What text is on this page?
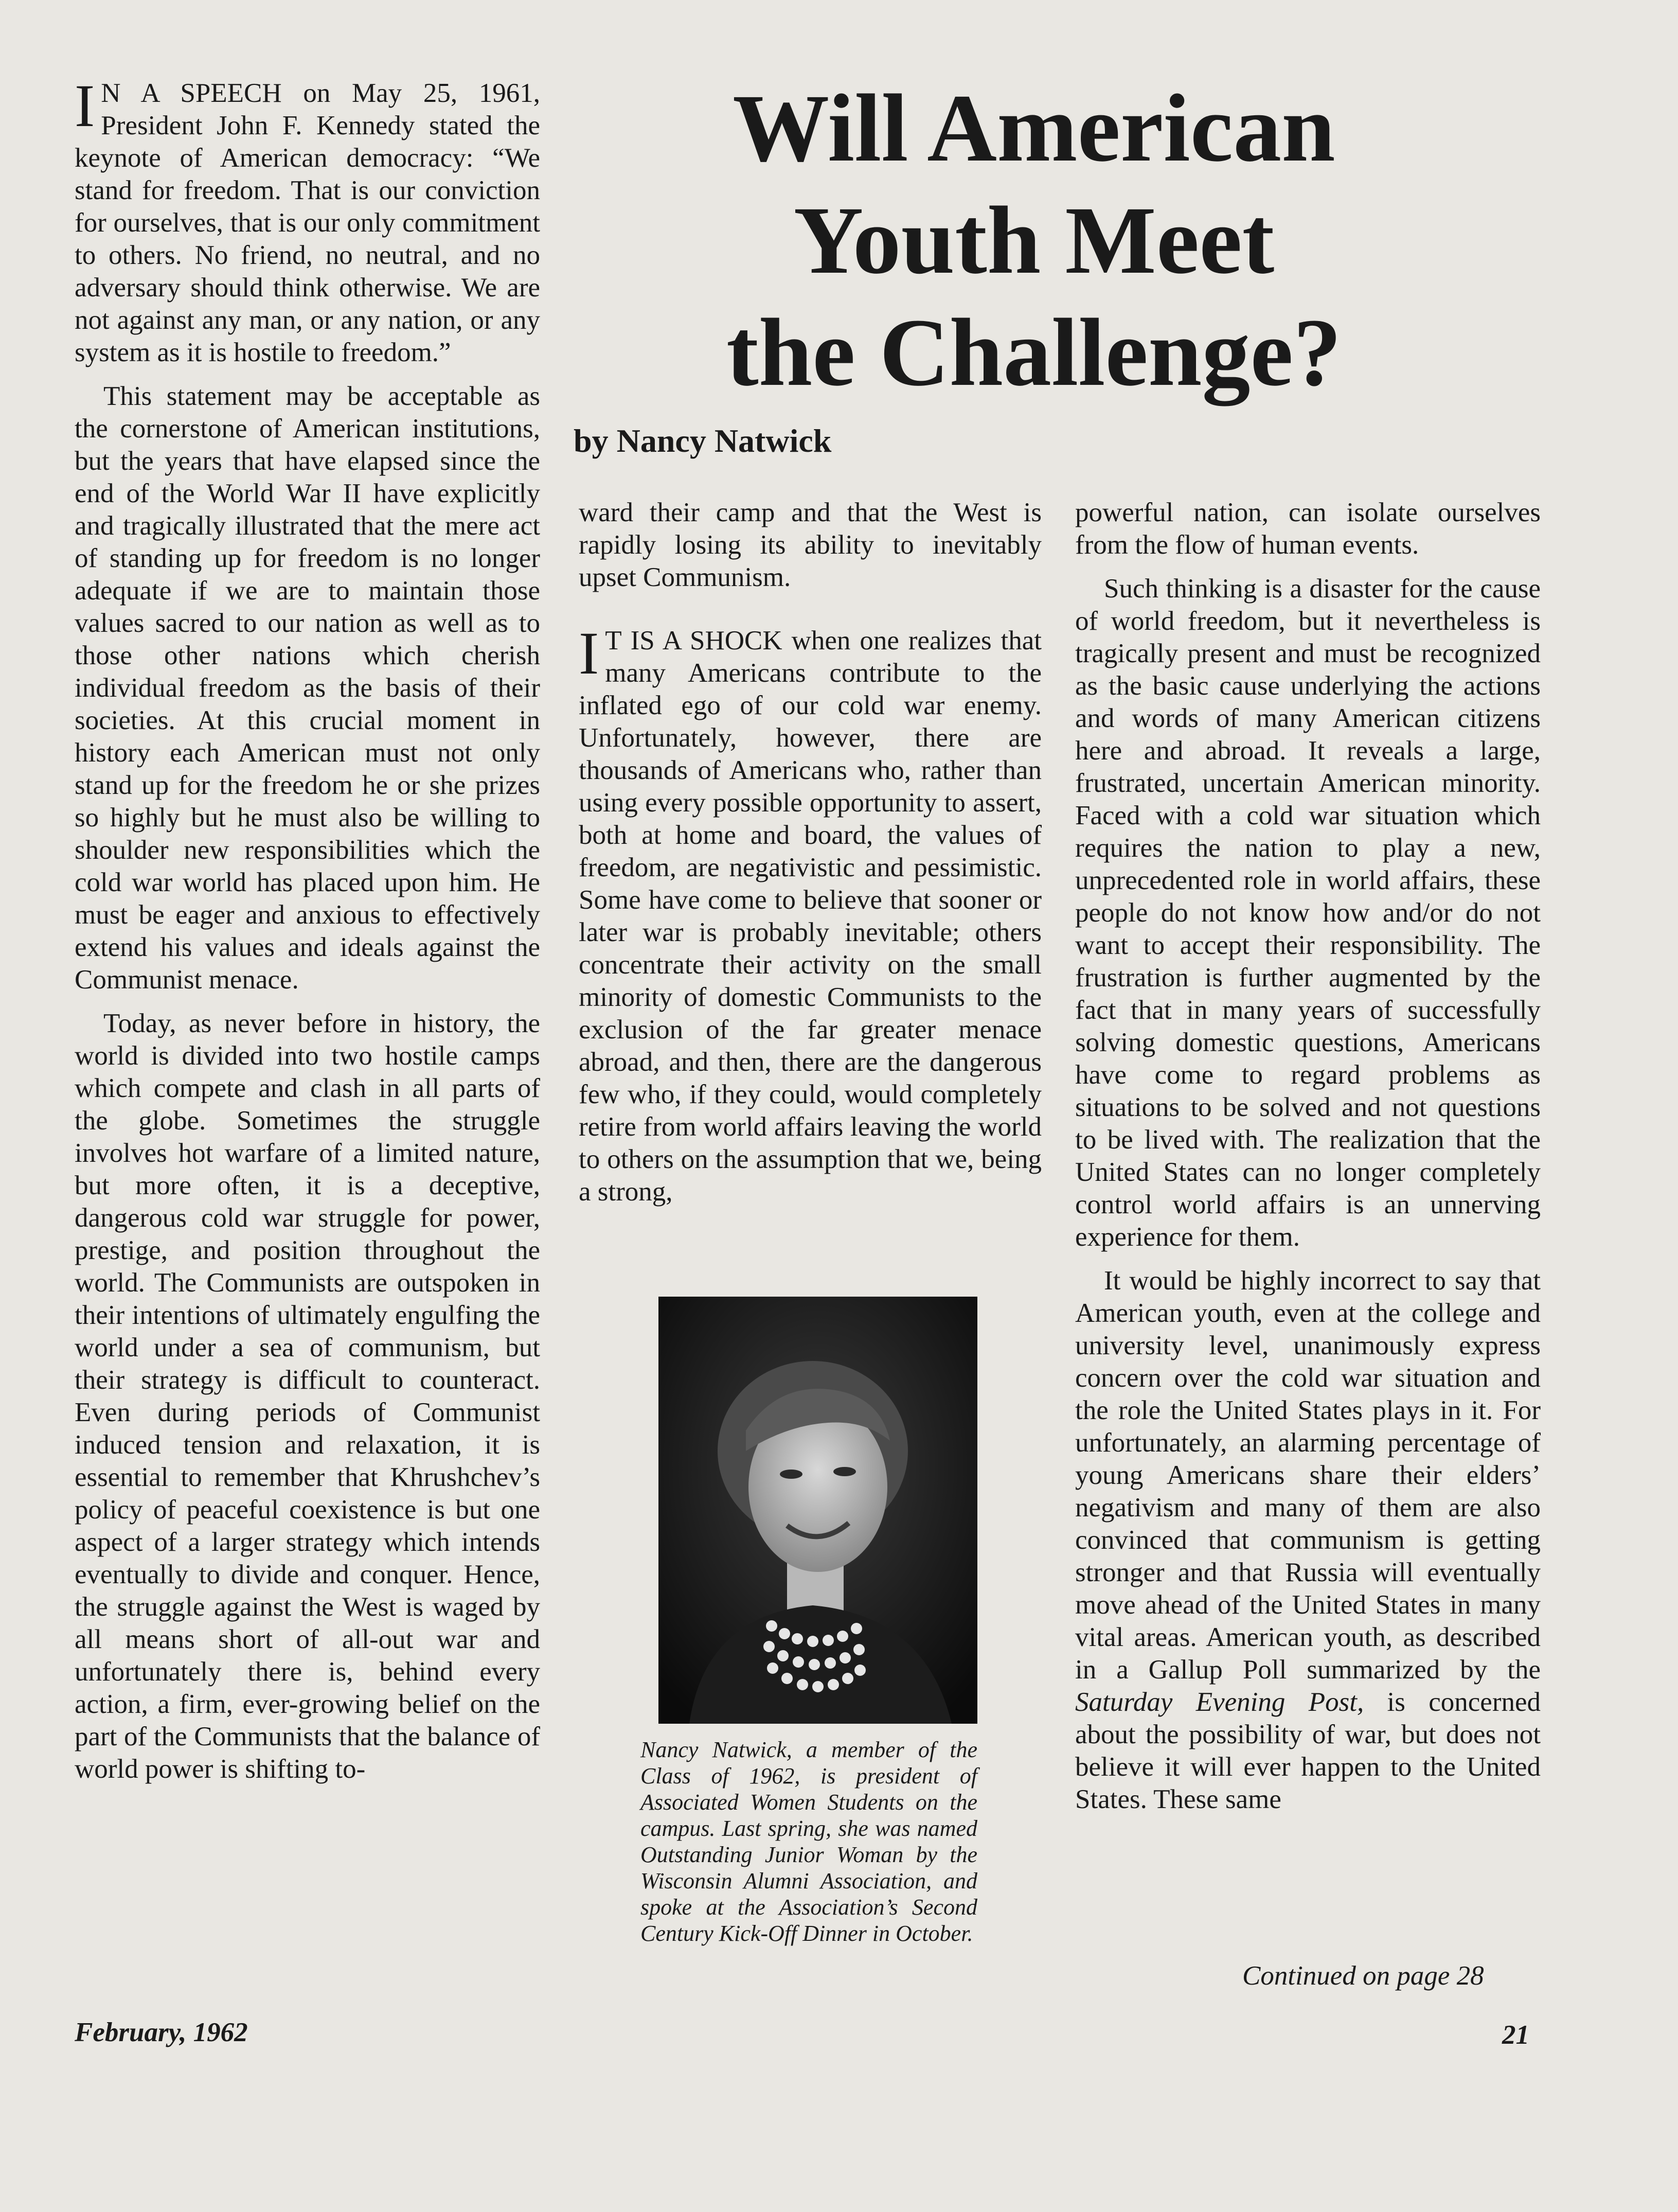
Will American
Youth Meet
the Challenge?

by Nancy Natwick

I N A SPEECH on May 25, 1961, President John F. Kennedy stated the keynote of American democracy: “We stand for freedom. That is our conviction for ourselves, that is our only commitment to others. No friend, no neutral, and no adversary should think otherwise. We are not against any man, or any nation, or any system as it is hostile to freedom.”

This statement may be acceptable as the cornerstone of American institutions, but the years that have elapsed since the end of the World War II have explicitly and tragically illustrated that the mere act of standing up for freedom is no longer adequate if we are to maintain those values sacred to our nation as well as to those other nations which cherish individual freedom as the basis of their societies. At this crucial moment in history each American must not only stand up for the freedom he or she prizes so highly but he must also be willing to shoulder new responsibilities which the cold war world has placed upon him. He must be eager and anxious to effectively extend his values and ideals against the Communist menace.

Today, as never before in history, the world is divided into two hostile camps which compete and clash in all parts of the globe. Sometimes the struggle involves hot warfare of a limited nature, but more often, it is a deceptive, dangerous cold war struggle for power, prestige, and position throughout the world. The Communists are outspoken in their intentions of ultimately engulfing the world under a sea of communism, but their strategy is difficult to counteract. Even during periods of Communist induced tension and relaxation, it is essential to remember that Khrushchev’s policy of peaceful coexistence is but one aspect of a larger strategy which intends eventually to divide and conquer. Hence, the struggle against the West is waged by all means short of all-out war and unfortunately there is, behind every action, a firm, ever-growing belief on the part of the Communists that the balance of world power is shifting to-

ward their camp and that the West is rapidly losing its ability to inevitably upset Communism.

I T IS A SHOCK when one realizes that many Americans contribute to the inflated ego of our cold war enemy. Unfortunately, however, there are thousands of Americans who, rather than using every possible opportunity to assert, both at home and board, the values of freedom, are negativistic and pessimistic. Some have come to believe that sooner or later war is probably inevitable; others concentrate their activity on the small minority of domestic Communists to the exclusion of the far greater menace abroad, and then, there are the dangerous few who, if they could, would completely retire from world affairs leaving the world to others on the assumption that we, being a strong,

powerful nation, can isolate ourselves from the flow of human events.

Such thinking is a disaster for the cause of world freedom, but it nevertheless is tragically present and must be recognized as the basic cause underlying the actions and words of many American citizens here and abroad. It reveals a large, frustrated, uncertain American minority. Faced with a cold war situation which requires the nation to play a new, unprecedented role in world affairs, these people do not know how and/or do not want to accept their responsibility. The frustration is further augmented by the fact that in many years of successfully solving domestic questions, Americans have come to regard problems as situations to be solved and not questions to be lived with. The realization that the United States can no longer completely control world affairs is an unnerving experience for them.

It would be highly incorrect to say that American youth, even at the college and university level, unanimously express concern over the cold war situation and the role the United States plays in it. For unfortunately, an alarming percentage of young Americans share their elders’ negativism and many of them are also convinced that communism is getting stronger and that Russia will eventually move ahead of the United States in many vital areas. American youth, as described in a Gallup Poll summarized by the Saturday Evening Post, is concerned about the possibility of war, but does not believe it will ever happen to the United States. These same

Continued on page 28
Nancy Natwick, a member of the Class of 1962, is president of Associated Women Students on the campus. Last spring, she was named Outstanding Junior Woman by the Wisconsin Alumni Association, and spoke at the Association’s Second Century Kick-Off Dinner in October.
February, 1962	21
